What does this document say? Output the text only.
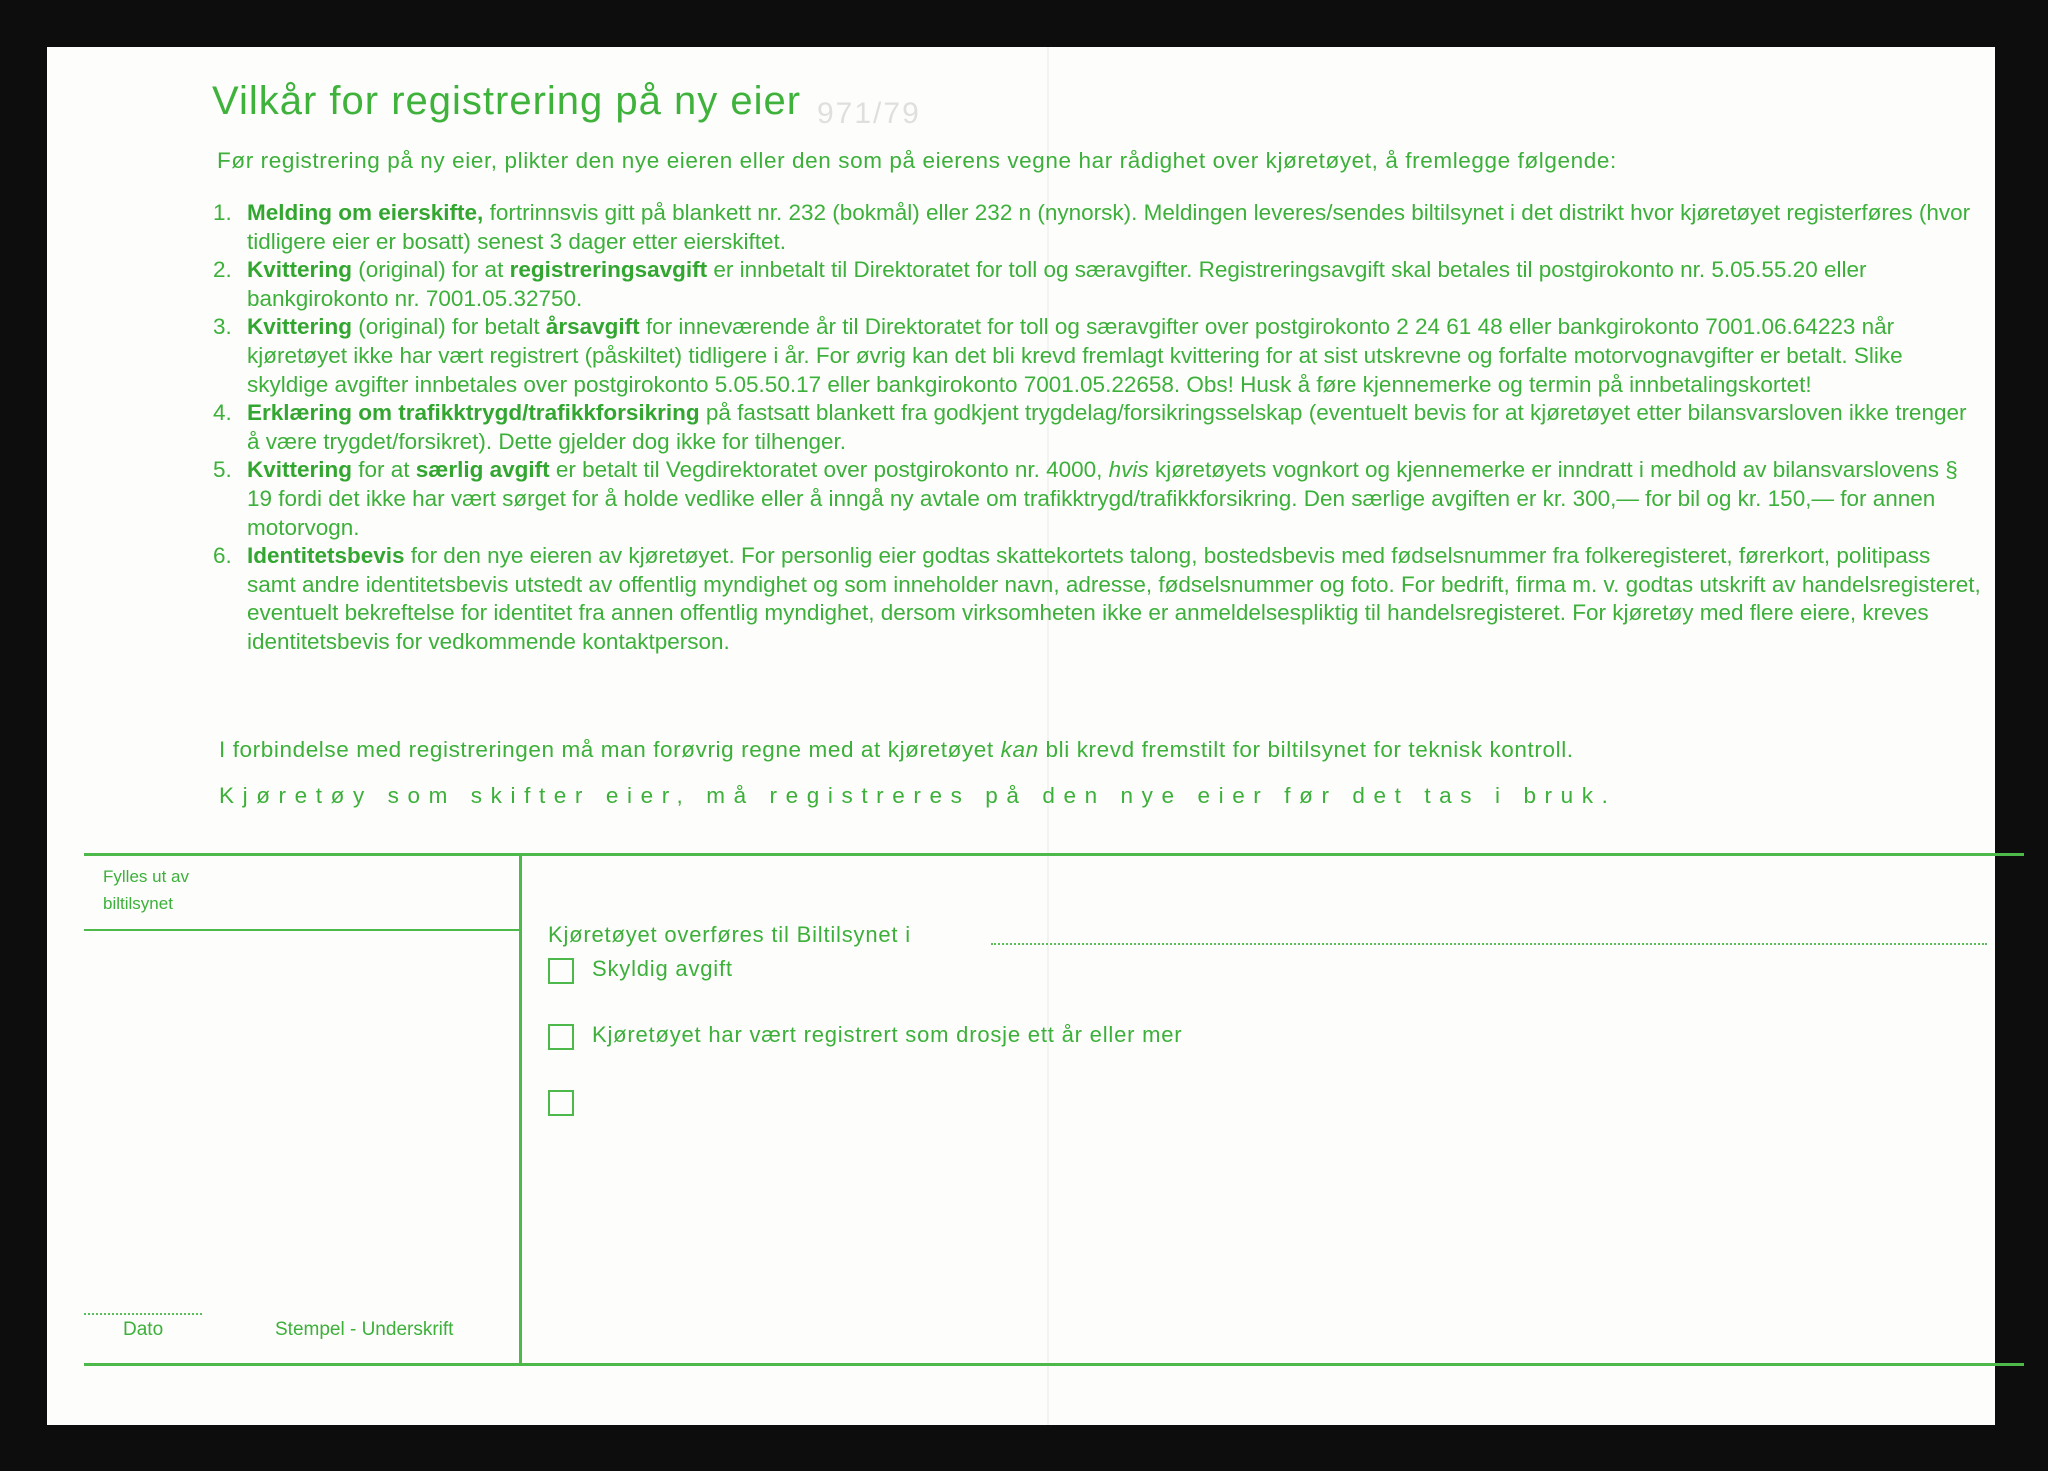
Vilkår for registrering på ny eier 971/79
Før registrering på ny eier, plikter den nye eieren eller den som på eierens vegne har rådighet over kjøretøyet, å fremlegge følgende:
1. Melding om eierskifte, fortrinnsvis gitt på blankett nr. 232 (bokmål) eller 232 n (nynorsk). Meldingen leveres/sendes biltilsynet i det distrikt hvor kjøretøyet registerføres (hvor tidligere eier er bosatt) senest 3 dager etter eierskiftet.
2. Kvittering (original) for at registreringsavgift er innbetalt til Direktoratet for toll og særavgifter. Registreringsavgift skal betales til postgirokonto nr. 5.05.55.20 eller bankgirokonto nr. 7001.05.32750.
3. Kvittering (original) for betalt årsavgift for inneværende år til Direktoratet for toll og særavgifter over postgirokonto 2 24 61 48 eller bankgirokonto 7001.06.64223 når kjøretøyet ikke har vært registrert (påskiltet) tidligere i år. For øvrig kan det bli krevd fremlagt kvittering for at sist utskrevne og forfalte motorvognavgifter er betalt. Slike skyldige avgifter innbetales over postgirokonto 5.05.50.17 eller bankgirokonto 7001.05.22658. Obs! Husk å føre kjennemerke og termin på innbetalingskortet!
4. Erklæring om trafikktrygd/trafikkforsikring på fastsatt blankett fra godkjent trygdelag/forsikringsselskap (eventuelt bevis for at kjøretøyet etter bilansvarsloven ikke trenger å være trygdet/forsikret). Dette gjelder dog ikke for tilhenger.
5. Kvittering for at særlig avgift er betalt til Vegdirektoratet over postgirokonto nr. 4000, hvis kjøretøyets vognkort og kjennemerke er inndratt i medhold av bilansvarslovens § 19 fordi det ikke har vært sørget for å holde vedlike eller å inngå ny avtale om trafikktrygd/trafikkforsikring. Den særlige avgiften er kr. 300,— for bil og kr. 150,— for annen motorvogn.
6. Identitetsbevis for den nye eieren av kjøretøyet. For personlig eier godtas skattekortets talong, bostedsbevis med fødselsnummer fra folkeregisteret, førerkort, politipass samt andre identitetsbevis utstedt av offentlig myndighet og som inneholder navn, adresse, fødselsnummer og foto. For bedrift, firma m. v. godtas utskrift av handelsregisteret, eventuelt bekreftelse for identitet fra annen offentlig myndighet, dersom virksomheten ikke er anmeldelsespliktig til handelsregisteret. For kjøretøy med flere eiere, kreves identitetsbevis for vedkommende kontaktperson.
I forbindelse med registreringen må man forøvrig regne med at kjøretøyet kan bli krevd fremstilt for biltilsynet for teknisk kontroll.
Kjøretøy som skifter eier, må registreres på den nye eier før det tas i bruk.
Fylles ut av
biltilsynet
Kjøretøyet overføres til Biltilsynet i
Skyldig avgift
Kjøretøyet har vært registrert som drosje ett år eller mer
Dato	Stempel - Underskrift
